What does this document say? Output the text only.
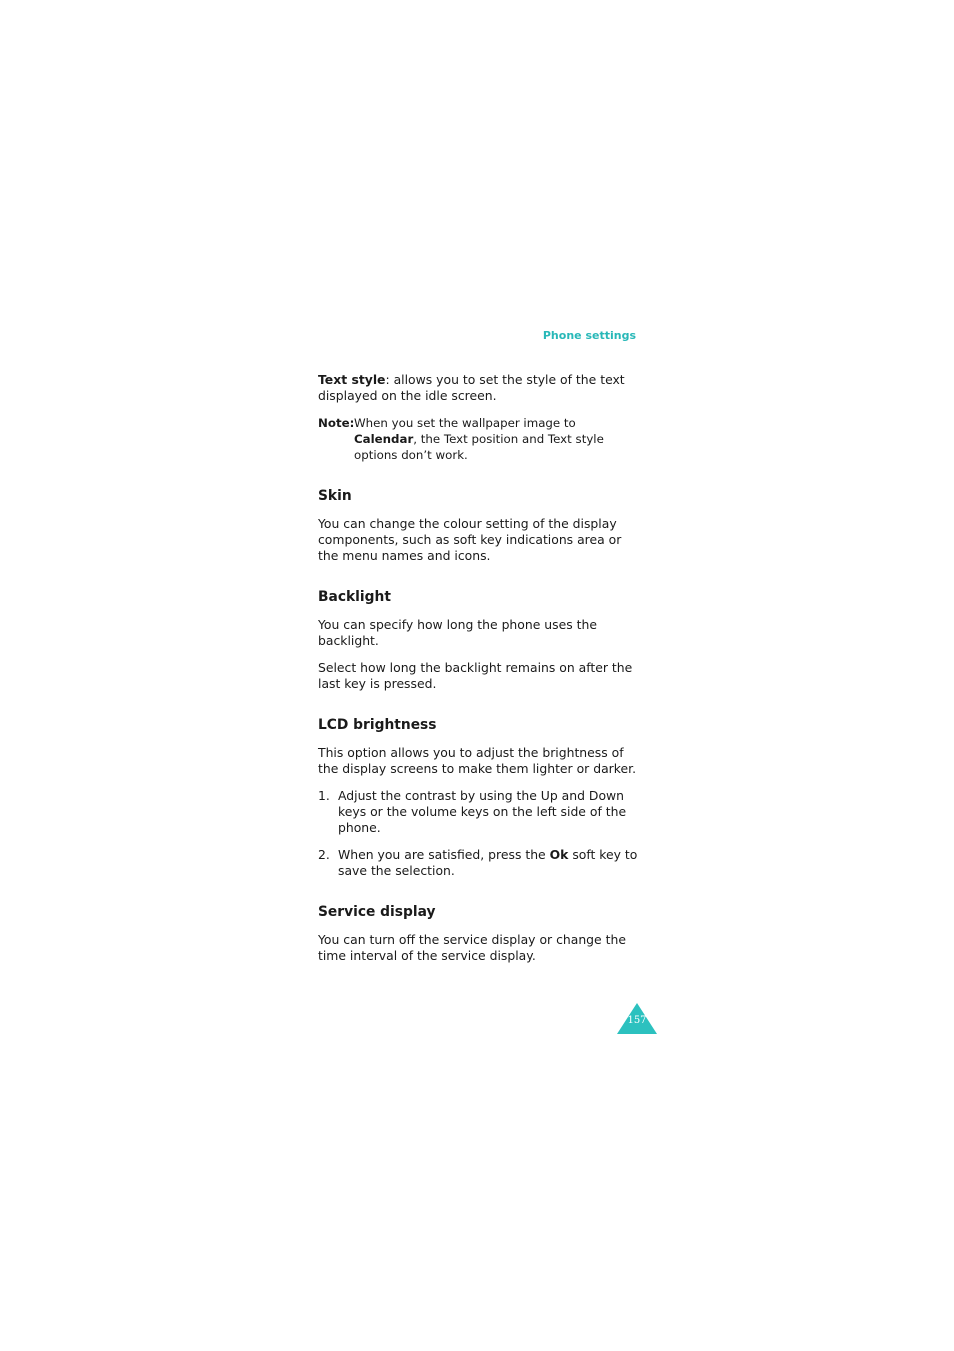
Phone settings

Text style: allows you to set the style of the text displayed on the idle screen.

Note: When you set the wallpaper image to Calendar, the Text position and Text style options don’t work.
Skin

You can change the colour setting of the display components, such as soft key indications area or the menu names and icons.

Backlight

You can specify how long the phone uses the backlight.

Select how long the backlight remains on after the last key is pressed.

LCD brightness

This option allows you to adjust the brightness of the display screens to make them lighter or darker.

1. Adjust the contrast by using the Up and Down keys or the volume keys on the left side of the phone.
2. When you are satisfied, press the Ok soft key to save the selection.
Service display

You can turn off the service display or change the time interval of the service display.

157
